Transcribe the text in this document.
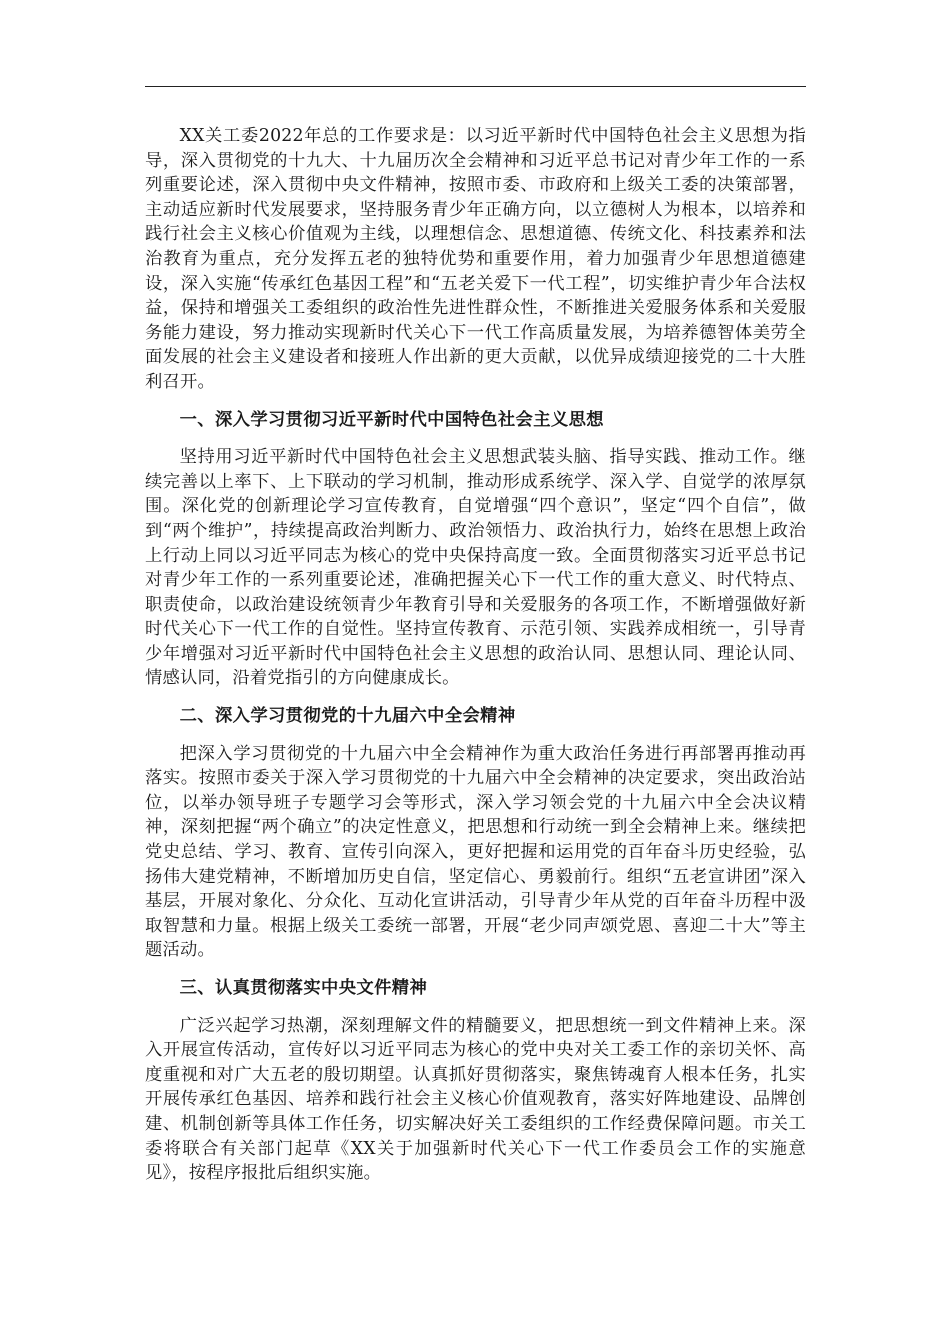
XX关工委2022年总的工作要求是：以习近平新时代中国特色社会主义思想为指导，深入贯彻党的十九大、十九届历次全会精神和习近平总书记对青少年工作的一系列重要论述，深入贯彻中央文件精神，按照市委、市政府和上级关工委的决策部署，主动适应新时代发展要求，坚持服务青少年正确方向，以立德树人为根本，以培养和践行社会主义核心价值观为主线，以理想信念、思想道德、传统文化、科技素养和法治教育为重点，充分发挥五老的独特优势和重要作用，着力加强青少年思想道德建设，深入实施“传承红色基因工程”和“五老关爱下一代工程”，切实维护青少年合法权益，保持和增强关工委组织的政治性先进性群众性，不断推进关爱服务体系和关爱服务能力建设，努力推动实现新时代关心下一代工作高质量发展，为培养德智体美劳全面发展的社会主义建设者和接班人作出新的更大贡献，以优异成绩迎接党的二十大胜利召开。

一、深入学习贯彻习近平新时代中国特色社会主义思想

坚持用习近平新时代中国特色社会主义思想武装头脑、指导实践、推动工作。继续完善以上率下、上下联动的学习机制，推动形成系统学、深入学、自觉学的浓厚氛围。深化党的创新理论学习宣传教育，自觉增强“四个意识”，坚定“四个自信”，做到“两个维护”，持续提高政治判断力、政治领悟力、政治执行力，始终在思想上政治上行动上同以习近平同志为核心的党中央保持高度一致。全面贯彻落实习近平总书记对青少年工作的一系列重要论述，准确把握关心下一代工作的重大意义、时代特点、职责使命，以政治建设统领青少年教育引导和关爱服务的各项工作，不断增强做好新时代关心下一代工作的自觉性。坚持宣传教育、示范引领、实践养成相统一，引导青少年增强对习近平新时代中国特色社会主义思想的政治认同、思想认同、理论认同、情感认同，沿着党指引的方向健康成长。

二、深入学习贯彻党的十九届六中全会精神

把深入学习贯彻党的十九届六中全会精神作为重大政治任务进行再部署再推动再落实。按照市委关于深入学习贯彻党的十九届六中全会精神的决定要求，突出政治站位，以举办领导班子专题学习会等形式，深入学习领会党的十九届六中全会决议精神，深刻把握“两个确立”的决定性意义，把思想和行动统一到全会精神上来。继续把党史总结、学习、教育、宣传引向深入，更好把握和运用党的百年奋斗历史经验，弘扬伟大建党精神，不断增加历史自信，坚定信心、勇毅前行。组织“五老宣讲团”深入基层，开展对象化、分众化、互动化宣讲活动，引导青少年从党的百年奋斗历程中汲取智慧和力量。根据上级关工委统一部署，开展“老少同声颂党恩、喜迎二十大”等主题活动。

三、认真贯彻落实中央文件精神

广泛兴起学习热潮，深刻理解文件的精髓要义，把思想统一到文件精神上来。深入开展宣传活动，宣传好以习近平同志为核心的党中央对关工委工作的亲切关怀、高度重视和对广大五老的殷切期望。认真抓好贯彻落实，聚焦铸魂育人根本任务，扎实开展传承红色基因、培养和践行社会主义核心价值观教育，落实好阵地建设、品牌创建、机制创新等具体工作任务，切实解决好关工委组织的工作经费保障问题。市关工委将联合有关部门起草《XX关于加强新时代关心下一代工作委员会工作的实施意见》，按程序报批后组织实施。
